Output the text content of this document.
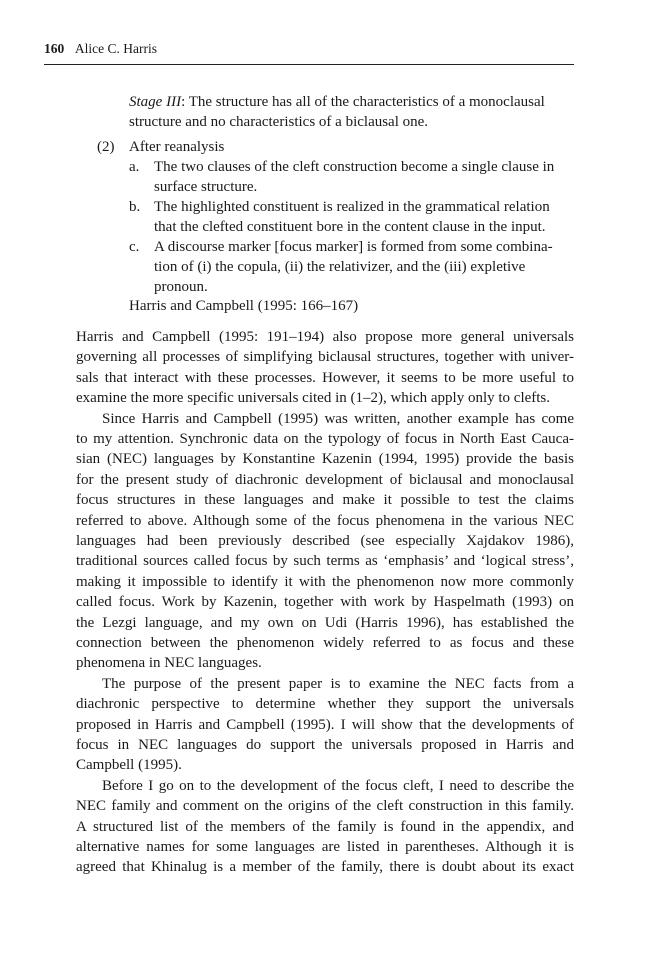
160 Alice C. Harris
Stage III: The structure has all of the characteristics of a monoclausal
structure and no characteristics of a biclausal one.
(2) After reanalysis
a. The two clauses of the cleft construction become a single clause in
surface structure.
b. The highlighted constituent is realized in the grammatical relation
that the clefted constituent bore in the content clause in the input.
c. A discourse marker [focus marker] is formed from some combina-
tion of (i) the copula, (ii) the relativizer, and the (iii) expletive
pronoun.
Harris and Campbell (1995: 166–167)
Harris and Campbell (1995: 191–194) also propose more general universals
governing all processes of simplifying biclausal structures, together with univer-
sals that interact with these processes. However, it seems to be more useful to
examine the more specific universals cited in (1–2), which apply only to clefts.
Since Harris and Campbell (1995) was written, another example has come
to my attention. Synchronic data on the typology of focus in North East Cauca-
sian (NEC) languages by Konstantine Kazenin (1994, 1995) provide the basis
for the present study of diachronic development of biclausal and monoclausal
focus structures in these languages and make it possible to test the claims
referred to above. Although some of the focus phenomena in the various NEC
languages had been previously described (see especially Xajdakov 1986),
traditional sources called focus by such terms as ‘emphasis’ and ‘logical stress’,
making it impossible to identify it with the phenomenon now more commonly
called focus. Work by Kazenin, together with work by Haspelmath (1993) on
the Lezgi language, and my own on Udi (Harris 1996), has established the
connection between the phenomenon widely referred to as focus and these
phenomena in NEC languages.
The purpose of the present paper is to examine the NEC facts from a
diachronic perspective to determine whether they support the universals
proposed in Harris and Campbell (1995). I will show that the developments of
focus in NEC languages do support the universals proposed in Harris and
Campbell (1995).
Before I go on to the development of the focus cleft, I need to describe the
NEC family and comment on the origins of the cleft construction in this family.
A structured list of the members of the family is found in the appendix, and
alternative names for some languages are listed in parentheses. Although it is
agreed that Khinalug is a member of the family, there is doubt about its exact
